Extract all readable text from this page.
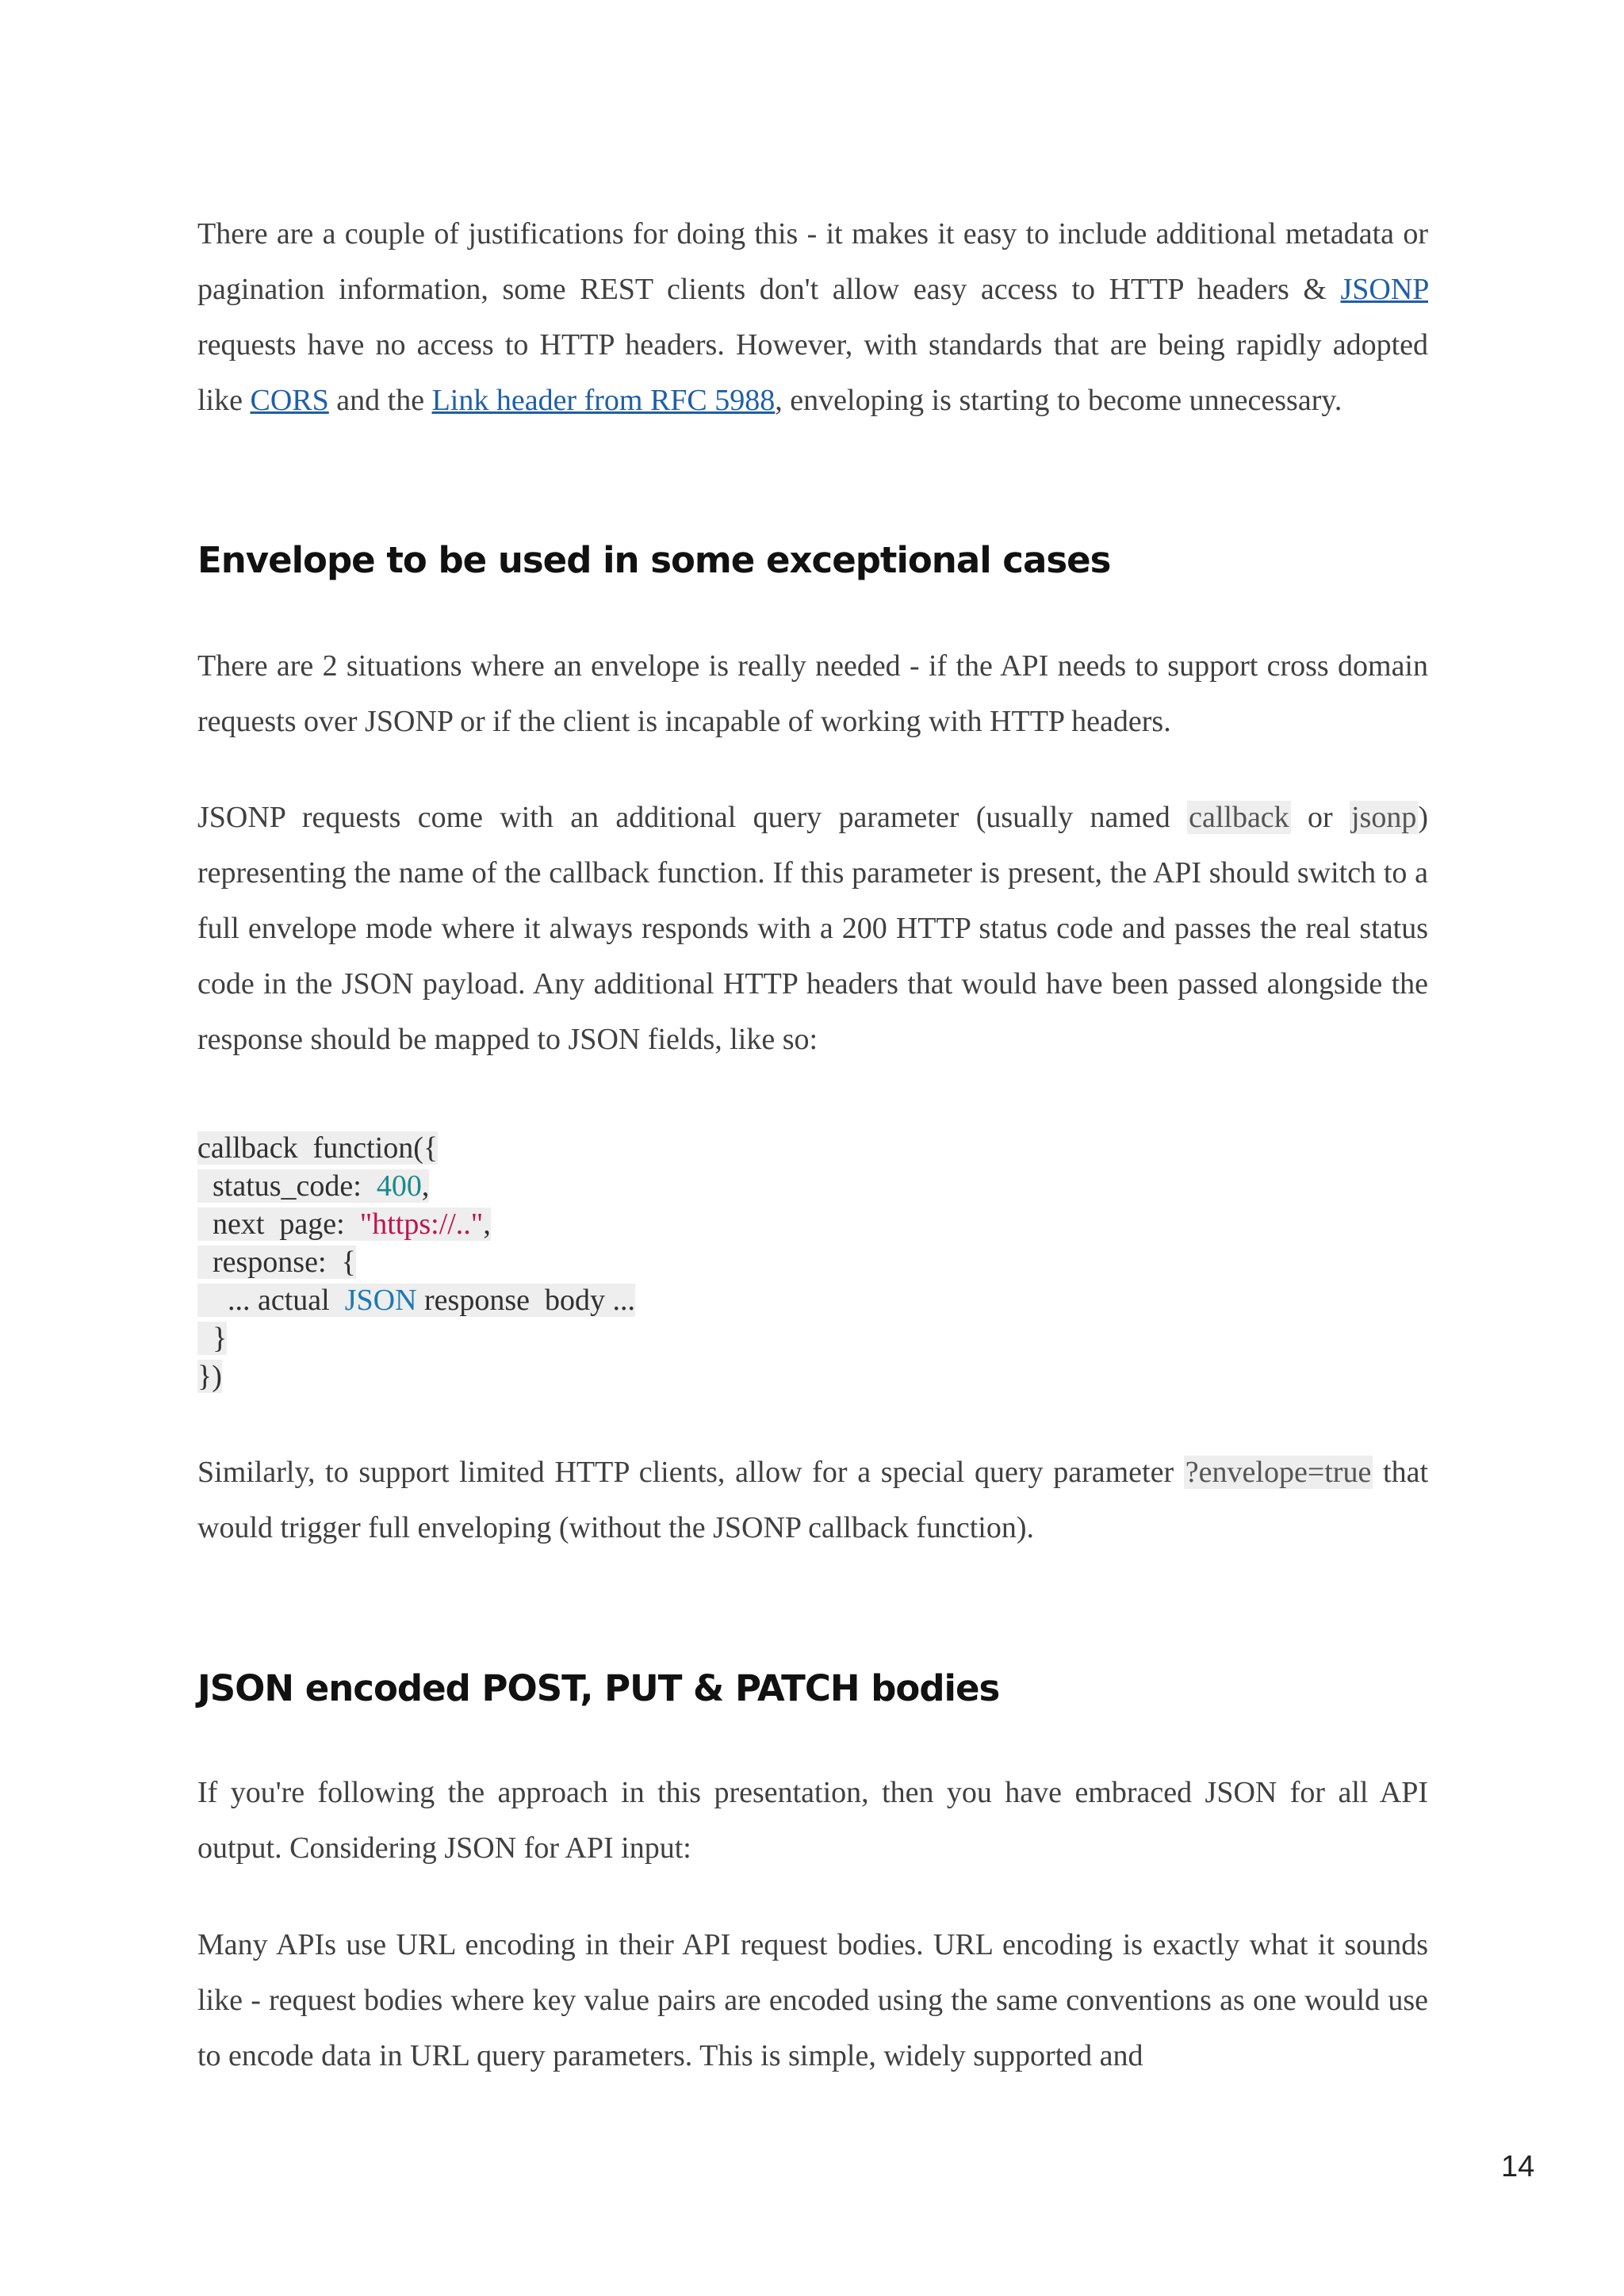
There are a couple of justifications for doing this - it makes it easy to include additional metadata or pagination information, some REST clients don't allow easy access to HTTP headers & JSONP requests have no access to HTTP headers. However, with standards that are being rapidly adopted like CORS and the Link header from RFC 5988, enveloping is starting to become unnecessary.

Envelope to be used in some exceptional cases

There are 2 situations where an envelope is really needed - if the API needs to support cross domain requests over JSONP or if the client is incapable of working with HTTP headers.

JSONP requests come with an additional query parameter (usually named callback or jsonp) representing the name of the callback function. If this parameter is present, the API should switch to a full envelope mode where it always responds with a 200 HTTP status code and passes the real status code in the JSON payload. Any additional HTTP headers that would have been passed alongside the response should be mapped to JSON fields, like so:

callback  function({
status_code:  400,
next  page:  "https://..",
response:  {
... actual  JSON response  body ...
}
})

Similarly, to support limited HTTP clients, allow for a special query parameter ?envelope=true that would trigger full enveloping (without the JSONP callback function).

JSON encoded POST, PUT & PATCH bodies

If you're following the approach in this presentation, then you have embraced JSON for all API output. Considering JSON for API input:

Many APIs use URL encoding in their API request bodies. URL encoding is exactly what it sounds like - request bodies where key value pairs are encoded using the same conventions as one would use to encode data in URL query parameters. This is simple, widely supported and

14
